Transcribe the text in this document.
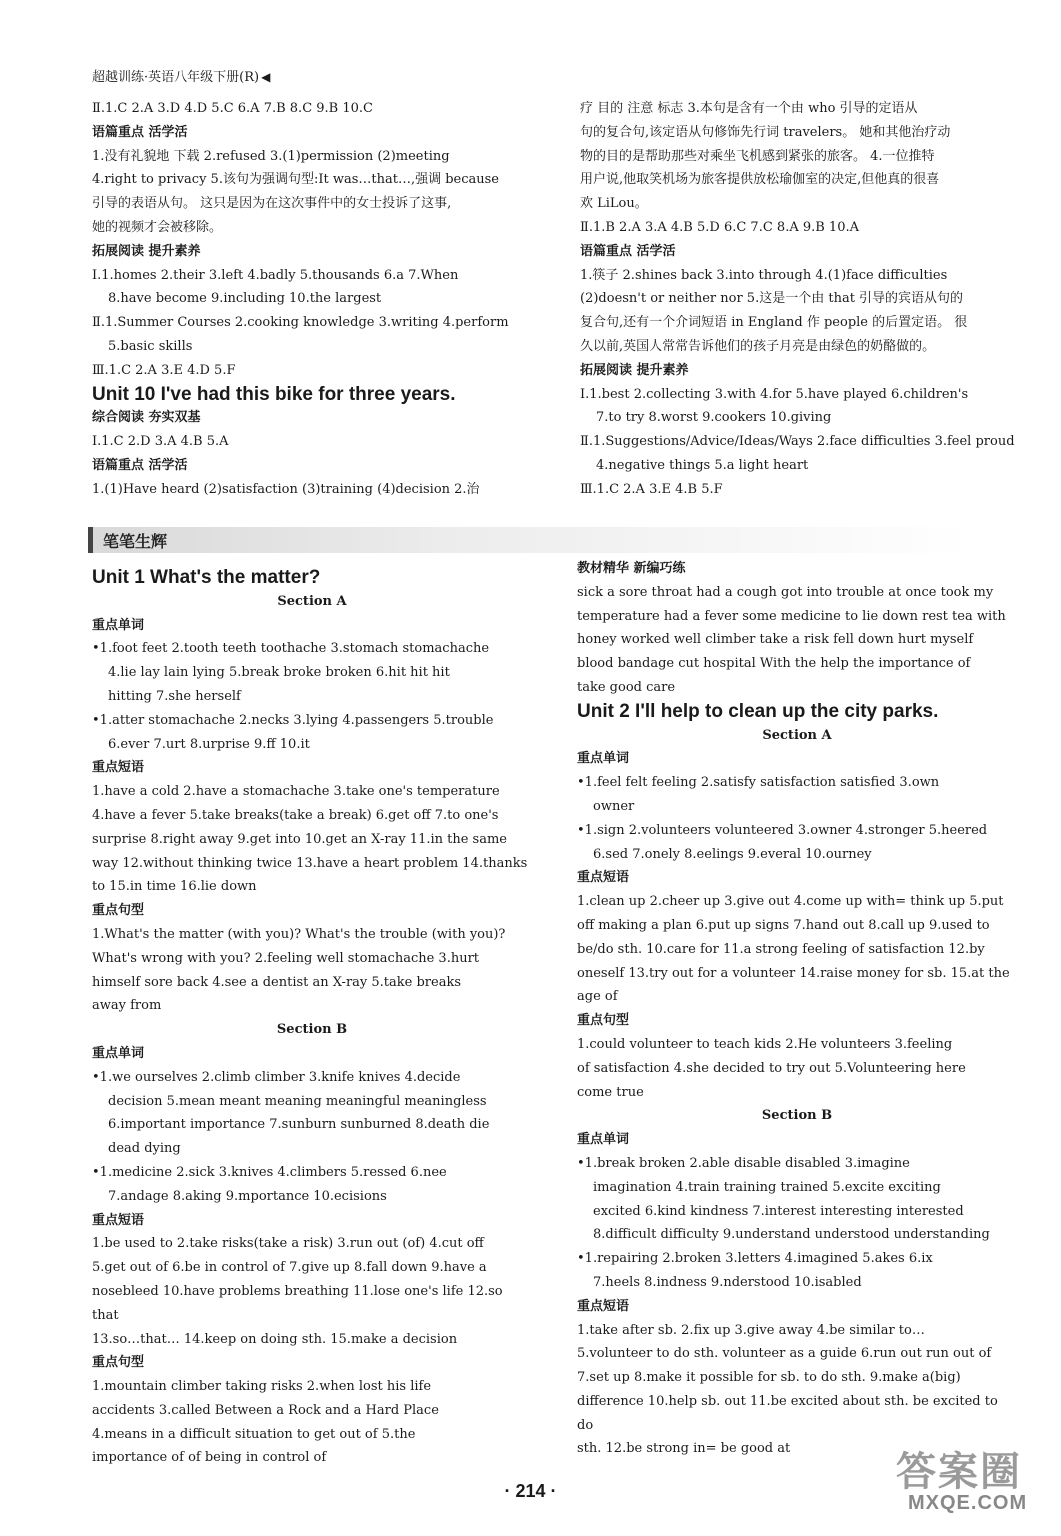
超越训练·英语八年级下册(R) ◀

Ⅱ.1.C 2.A 3.D 4.D 5.C 6.A 7.B 8.C 9.B 10.C

语篇重点 活学活

1.没有礼貌地 下载 2.refused 3.(1)permission (2)meeting

4.right to privacy 5.该句为强调句型:It was…that…,强调 because

引导的表语从句。 这只是因为在这次事件中的女士投诉了这事,

她的视频才会被移除。

拓展阅读 提升素养

Ⅰ.1.homes 2.their 3.left 4.badly 5.thousands 6.a 7.When

8.have become 9.including 10.the largest

Ⅱ.1.Summer Courses 2.cooking knowledge 3.writing 4.perform

5.basic skills

Ⅲ.1.C 2.A 3.E 4.D 5.F

Unit 10 I've had this bike for three years.

综合阅读 夯实双基

Ⅰ.1.C 2.D 3.A 4.B 5.A

语篇重点 活学活

1.(1)Have heard (2)satisfaction (3)training (4)decision 2.治

疗 目的 注意 标志 3.本句是含有一个由 who 引导的定语从

句的复合句,该定语从句修饰先行词 travelers。 她和其他治疗动

物的目的是帮助那些对乘坐飞机感到紧张的旅客。 4.一位推特

用户说,他取笑机场为旅客提供放松瑜伽室的决定,但他真的很喜

欢 LiLou。

Ⅱ.1.B 2.A 3.A 4.B 5.D 6.C 7.C 8.A 9.B 10.A

语篇重点 活学活

1.筷子 2.shines back 3.into through 4.(1)face difficulties

(2)doesn't or neither nor 5.这是一个由 that 引导的宾语从句的

复合句,还有一个介词短语 in England 作 people 的后置定语。 很

久以前,英国人常常告诉他们的孩子月亮是由绿色的奶酪做的。

拓展阅读 提升素养

Ⅰ.1.best 2.collecting 3.with 4.for 5.have played 6.children's

7.to try 8.worst 9.cookers 10.giving

Ⅱ.1.Suggestions/Advice/Ideas/Ways 2.face difficulties 3.feel proud

4.negative things 5.a light heart

Ⅲ.1.C 2.A 3.E 4.B 5.F

笔笔生辉

Unit 1 What's the matter?

Section A

重点单词

•1.foot feet 2.tooth teeth toothache 3.stomach stomachache

4.lie lay lain lying 5.break broke broken 6.hit hit hit

hitting 7.she herself

•1.atter stomachache 2.necks 3.lying 4.passengers 5.trouble

6.ever 7.urt 8.urprise 9.ff 10.it

重点短语

1.have a cold 2.have a stomachache 3.take one's temperature

4.have a fever 5.take breaks(take a break) 6.get off 7.to one's

surprise 8.right away 9.get into 10.get an X-ray 11.in the same

way 12.without thinking twice 13.have a heart problem 14.thanks

to 15.in time 16.lie down

重点句型

1.What's the matter (with you)? What's the trouble (with you)?

What's wrong with you? 2.feeling well stomachache 3.hurt

himself sore back 4.see a dentist an X-ray 5.take breaks

away from

Section B

重点单词

•1.we ourselves 2.climb climber 3.knife knives 4.decide

decision 5.mean meant meaning meaningful meaningless

6.important importance 7.sunburn sunburned 8.death die

dead dying

•1.medicine 2.sick 3.knives 4.climbers 5.ressed 6.nee

7.andage 8.aking 9.mportance 10.ecisions

重点短语

1.be used to 2.take risks(take a risk) 3.run out (of) 4.cut off

5.get out of 6.be in control of 7.give up 8.fall down 9.have a

nosebleed 10.have problems breathing 11.lose one's life 12.so that

13.so…that… 14.keep on doing sth. 15.make a decision

重点句型

1.mountain climber taking risks 2.when lost his life

accidents 3.called Between a Rock and a Hard Place

4.means in a difficult situation to get out of 5.the

importance of of being in control of

教材精华 新编巧练

sick a sore throat had a cough got into trouble at once took my

temperature had a fever some medicine to lie down rest tea with

honey worked well climber take a risk fell down hurt myself

blood bandage cut hospital With the help the importance of

take good care

Unit 2 I'll help to clean up the city parks.

Section A

重点单词

•1.feel felt feeling 2.satisfy satisfaction satisfied 3.own

owner

•1.sign 2.volunteers volunteered 3.owner 4.stronger 5.heered

6.sed 7.onely 8.eelings 9.everal 10.ourney

重点短语

1.clean up 2.cheer up 3.give out 4.come up with= think up 5.put

off making a plan 6.put up signs 7.hand out 8.call up 9.used to

be/do sth. 10.care for 11.a strong feeling of satisfaction 12.by

oneself 13.try out for a volunteer 14.raise money for sb. 15.at the

age of

重点句型

1.could volunteer to teach kids 2.He volunteers 3.feeling

of satisfaction 4.she decided to try out 5.Volunteering here

come true

Section B

重点单词

•1.break broken 2.able disable disabled 3.imagine

imagination 4.train training trained 5.excite exciting

excited 6.kind kindness 7.interest interesting interested

8.difficult difficulty 9.understand understood understanding

•1.repairing 2.broken 3.letters 4.imagined 5.akes 6.ix

7.heels 8.indness 9.nderstood 10.isabled

重点短语

1.take after sb. 2.fix up 3.give away 4.be similar to…

5.volunteer to do sth. volunteer as a guide 6.run out run out of

7.set up 8.make it possible for sb. to do sth. 9.make a(big)

difference 10.help sb. out 11.be excited about sth. be excited to do

sth. 12.be strong in= be good at

· 214 ·	答案圈
MXQE.COM
